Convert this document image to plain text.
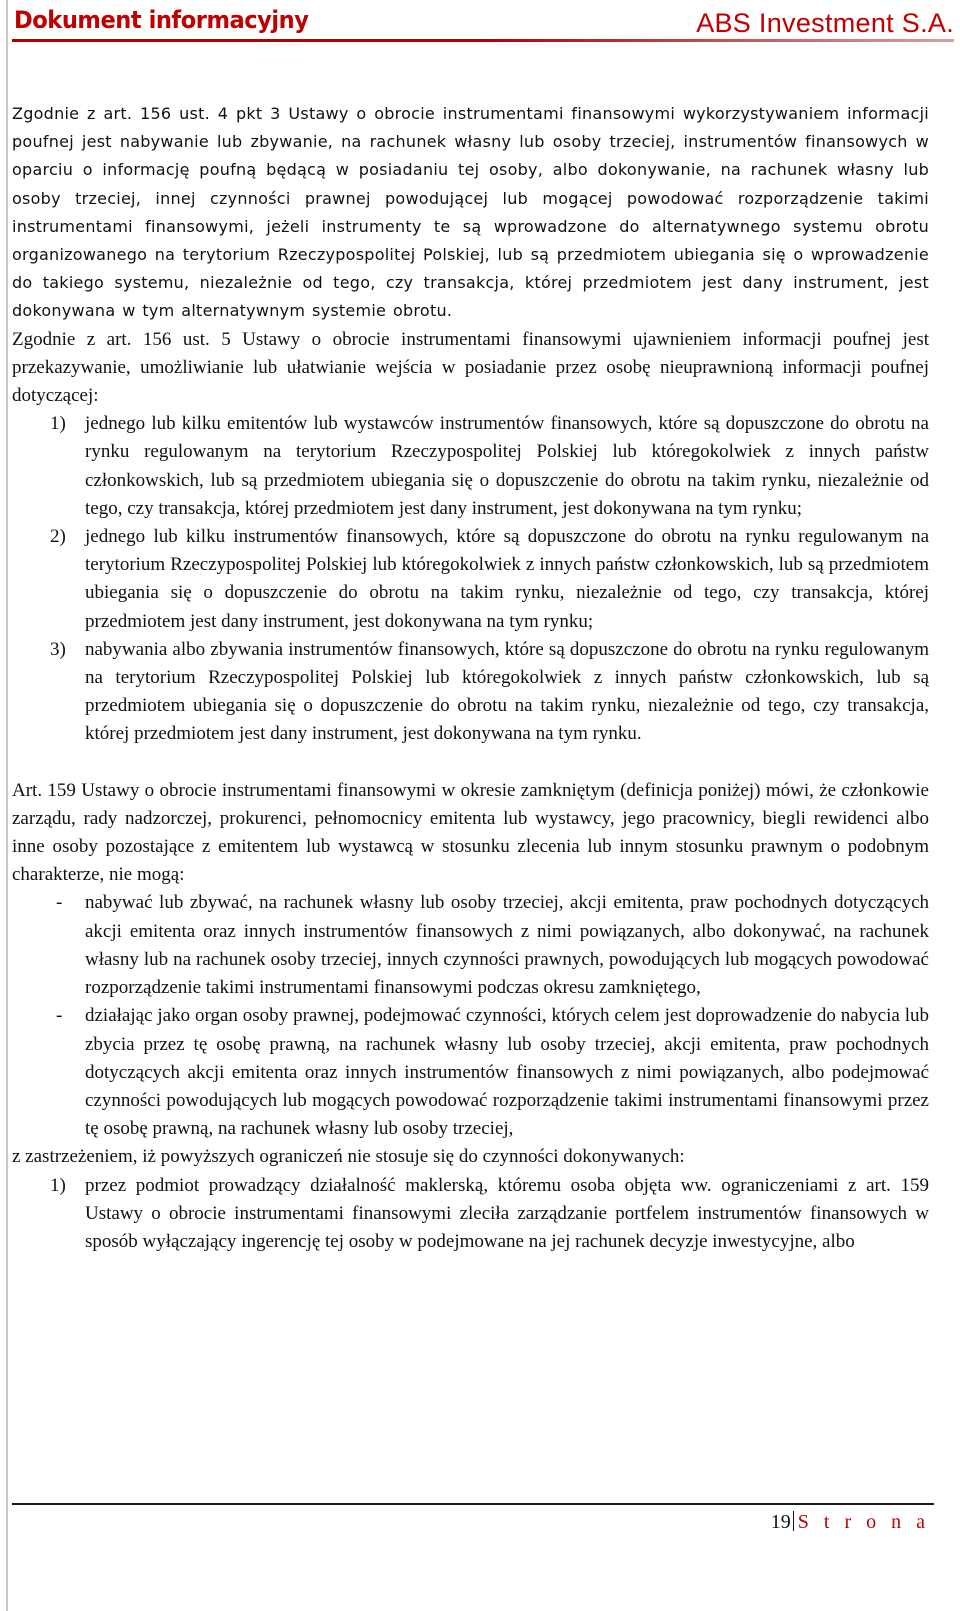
Dokument informacyjny	ABS Investment S.A.

Zgodnie z art. 156 ust. 4 pkt 3 Ustawy o obrocie instrumentami finansowymi wykorzystywaniem informacji poufnej jest nabywanie lub zbywanie, na rachunek własny lub osoby trzeciej, instrumentów finansowych w oparciu o informację poufną będącą w posiadaniu tej osoby, albo dokonywanie, na rachunek własny lub osoby trzeciej, innej czynności prawnej powodującej lub mogącej powodować rozporządzenie takimi instrumentami finansowymi, jeżeli instrumenty te są wprowadzone do alternatywnego systemu obrotu organizowanego na terytorium Rzeczypospolitej Polskiej, lub są przedmiotem ubiegania się o wprowadzenie do takiego systemu, niezależnie od tego, czy transakcja, której przedmiotem jest dany instrument, jest dokonywana w tym alternatywnym systemie obrotu.

Zgodnie z art. 156 ust. 5 Ustawy o obrocie instrumentami finansowymi ujawnieniem informacji poufnej jest przekazywanie, umożliwianie lub ułatwianie wejścia w posiadanie przez osobę nieuprawnioną informacji poufnej dotyczącej:

1) jednego lub kilku emitentów lub wystawców instrumentów finansowych, które są dopuszczone do obrotu na rynku regulowanym na terytorium Rzeczypospolitej Polskiej lub któregokolwiek z innych państw członkowskich, lub są przedmiotem ubiegania się o dopuszczenie do obrotu na takim rynku, niezależnie od tego, czy transakcja, której przedmiotem jest dany instrument, jest dokonywana na tym rynku;
2) jednego lub kilku instrumentów finansowych, które są dopuszczone do obrotu na rynku regulowanym na terytorium Rzeczypospolitej Polskiej lub któregokolwiek z innych państw członkowskich, lub są przedmiotem ubiegania się o dopuszczenie do obrotu na takim rynku, niezależnie od tego, czy transakcja, której przedmiotem jest dany instrument, jest dokonywana na tym rynku;
3) nabywania albo zbywania instrumentów finansowych, które są dopuszczone do obrotu na rynku regulowanym na terytorium Rzeczypospolitej Polskiej lub któregokolwiek z innych państw członkowskich, lub są przedmiotem ubiegania się o dopuszczenie do obrotu na takim rynku, niezależnie od tego, czy transakcja, której przedmiotem jest dany instrument, jest dokonywana na tym rynku.

Art. 159 Ustawy o obrocie instrumentami finansowymi w okresie zamkniętym (definicja poniżej) mówi, że członkowie zarządu, rady nadzorczej, prokurenci, pełnomocnicy emitenta lub wystawcy, jego pracownicy, biegli rewidenci albo inne osoby pozostające z emitentem lub wystawcą w stosunku zlecenia lub innym stosunku prawnym o podobnym charakterze, nie mogą:

- nabywać lub zbywać, na rachunek własny lub osoby trzeciej, akcji emitenta, praw pochodnych dotyczących akcji emitenta oraz innych instrumentów finansowych z nimi powiązanych, albo dokonywać, na rachunek własny lub na rachunek osoby trzeciej, innych czynności prawnych, powodujących lub mogących powodować rozporządzenie takimi instrumentami finansowymi podczas okresu zamkniętego,
- działając jako organ osoby prawnej, podejmować czynności, których celem jest doprowadzenie do nabycia lub zbycia przez tę osobę prawną, na rachunek własny lub osoby trzeciej, akcji emitenta, praw pochodnych dotyczących akcji emitenta oraz innych instrumentów finansowych z nimi powiązanych, albo podejmować czynności powodujących lub mogących powodować rozporządzenie takimi instrumentami finansowymi przez tę osobę prawną, na rachunek własny lub osoby trzeciej,

z zastrzeżeniem, iż powyższych ograniczeń nie stosuje się do czynności dokonywanych:

1) przez podmiot prowadzący działalność maklerską, któremu osoba objęta ww. ograniczeniami z art. 159 Ustawy o obrocie instrumentami finansowymi zleciła zarządzanie portfelem instrumentów finansowych w sposób wyłączający ingerencję tej osoby w podejmowane na jej rachunek decyzje inwestycyjne, albo
19 S t r o n a
